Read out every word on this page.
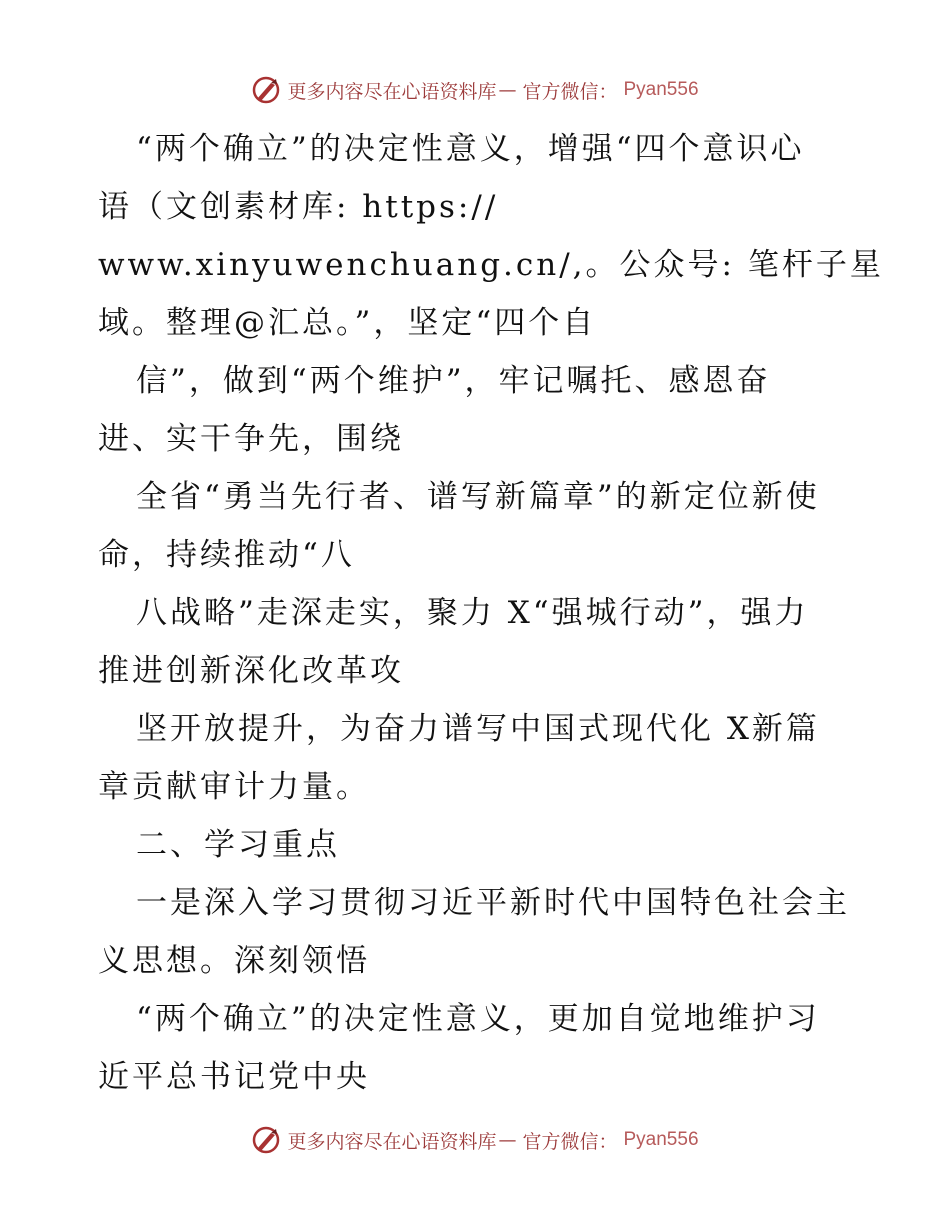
更多内容尽在心语资料库 — 官方微信： Pyan556
“两个确立”的决定性意义，增强“四个意识心
语（文创素材库: https://
www.xinyuwenchuang.cn/,。公众号: 笔杆子星
域。整理@汇总。”，坚定“四个自
信”，做到“两个维护”，牢记嘱托、感恩奋
进、实干争先，围绕
全省“勇当先行者、谱写新篇章”的新定位新使
命，持续推动“八
八战略”走深走实，聚力 X“强城行动”，强力
推进创新深化改革攻
坚开放提升，为奋力谱写中国式现代化 X新篇
章贡献审计力量。
二、学习重点
一是深入学习贯彻习近平新时代中国特色社会主
义思想。深刻领悟
“两个确立”的决定性意义，更加自觉地维护习
近平总书记党中央
更多内容尽在心语资料库 — 官方微信： Pyan556
